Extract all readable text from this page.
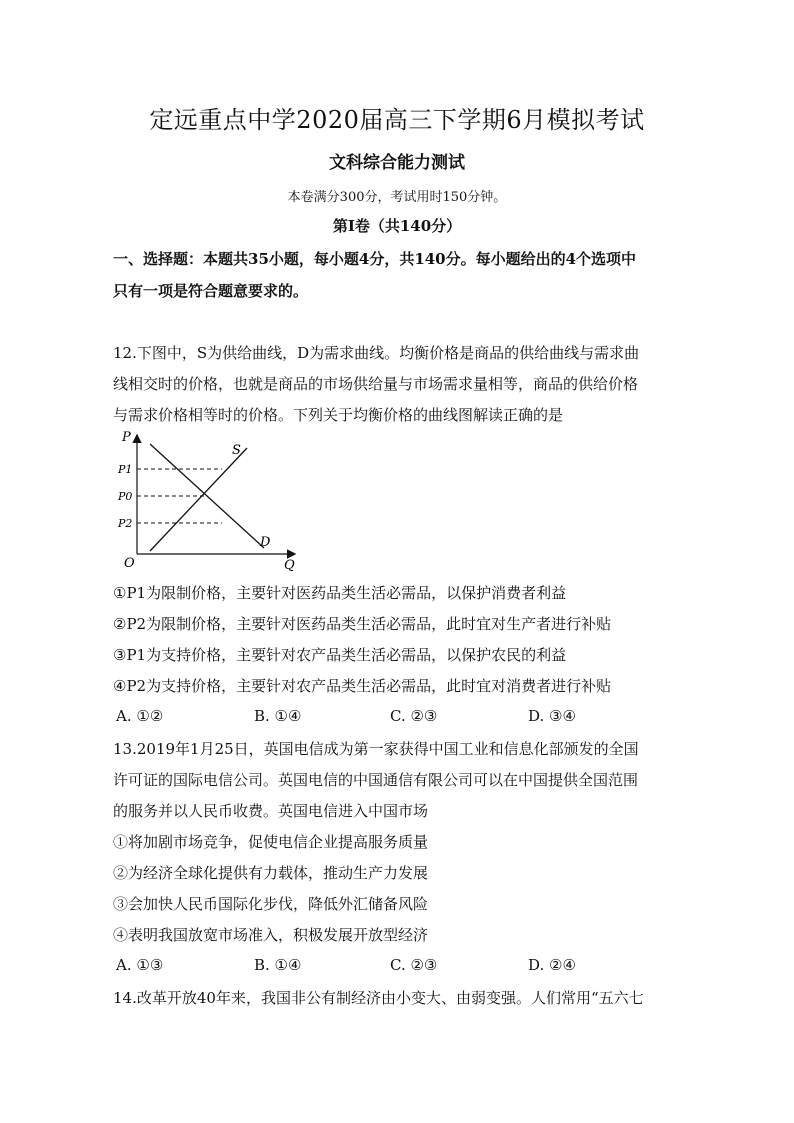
定远重点中学2020届高三下学期6月模拟考试
文科综合能力测试
本卷满分300分，考试用时150分钟。
第I卷（共140分）
一、选择题：本题共35小题，每小题4分，共140分。每小题给出的4个选项中
只有一项是符合题意要求的。
12.下图中，S为供给曲线，D为需求曲线。均衡价格是商品的供给曲线与需求曲
线相交时的价格，也就是商品的市场供给量与市场需求量相等，商品的供给价格
与需求价格相等时的价格。下列关于均衡价格的曲线图解读正确的是
P
Q
O
S
D
P1
P0
P2
①P1为限制价格，主要针对医药品类生活必需品，以保护消费者利益
②P2为限制价格，主要针对医药品类生活必需品，此时宜对生产者进行补贴
③P1为支持价格，主要针对农产品类生活必需品，以保护农民的利益
④P2为支持价格，主要针对农产品类生活必需品，此时宜对消费者进行补贴
A. ①②	B. ①④	C. ②③	D. ③④
13.2019年1月25日，英国电信成为第一家获得中国工业和信息化部颁发的全国
许可证的国际电信公司。英国电信的中国通信有限公司可以在中国提供全国范围
的服务并以人民币收费。英国电信进入中国市场
①将加剧市场竞争，促使电信企业提高服务质量
②为经济全球化提供有力载体，推动生产力发展
③会加快人民币国际化步伐，降低外汇储备风险
④表明我国放宽市场准入，积极发展开放型经济
A. ①③	B. ①④	C. ②③	D. ②④
14.改革开放40年来，我国非公有制经济由小变大、由弱变强。人们常用“五六七
